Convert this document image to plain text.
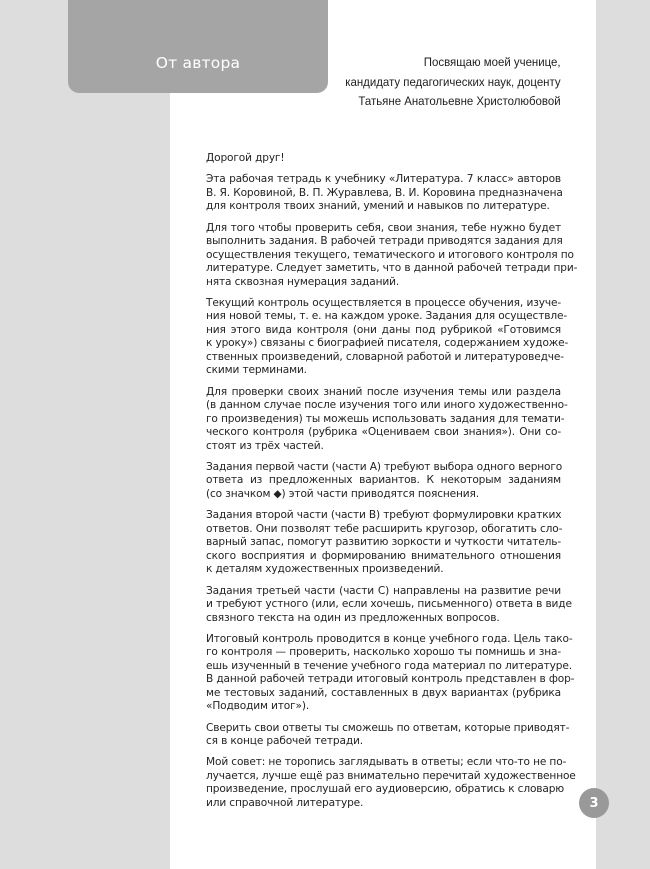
От автора	Посвящаю моей ученице,
кандидату педагогических наук, доценту
Татьяне Анатольевне Христолюбовой

Дорогой друг!

Эта рабочая тетрадь к учебнику «Литература. 7 класс» авторов
В. Я. Коровиной, В. П. Журавлева, В. И. Коровина предназначена
для контроля твоих знаний, умений и навыков по литературе.

Для того чтобы проверить себя, свои знания, тебе нужно будет
выполнить задания. В рабочей тетради приводятся задания для
осуществления текущего, тематического и итогового контроля по
литературе. Следует заметить, что в данной рабочей тетради при-
нята сквозная нумерация заданий.

Текущий контроль осуществляется в процессе обучения, изуче-
ния новой темы, т. е. на каждом уроке. Задания для осуществле-
ния этого вида контроля (они даны под рубрикой «Готовимся
к уроку») связаны с биографией писателя, содержанием художе-
ственных произведений, словарной работой и литературоведче-
скими терминами.

Для проверки своих знаний после изучения темы или раздела
(в данном случае после изучения того или иного художественно-
го произведения) ты можешь использовать задания для темати-
ческого контроля (рубрика «Оцениваем свои знания»). Они со-
стоят из трёх частей.

Задания первой части (части А) требуют выбора одного верного
ответа из предложенных вариантов. К некоторым заданиям
(со значком ◆) этой части приводятся пояснения.

Задания второй части (части В) требуют формулировки кратких
ответов. Они позволят тебе расширить кругозор, обогатить сло-
варный запас, помогут развитию зоркости и чуткости читатель-
ского восприятия и формированию внимательного отношения
к деталям художественных произведений.

Задания третьей части (части С) направлены на развитие речи
и требуют устного (или, если хочешь, письменного) ответа в виде
связного текста на один из предложенных вопросов.

Итоговый контроль проводится в конце учебного года. Цель тако-
го контроля — проверить, насколько хорошо ты помнишь и зна-
ешь изученный в течение учебного года материал по литературе.
В данной рабочей тетради итоговый контроль представлен в фор-
ме тестовых заданий, составленных в двух вариантах (рубрика
«Подводим итог»).

Сверить свои ответы ты сможешь по ответам, которые приводят-
ся в конце рабочей тетради.

Мой совет: не торопись заглядывать в ответы; если что-то не по-
лучается, лучше ещё раз внимательно перечитай художественное
произведение, прослушай его аудиоверсию, обратись к словарю
или справочной литературе.	3
